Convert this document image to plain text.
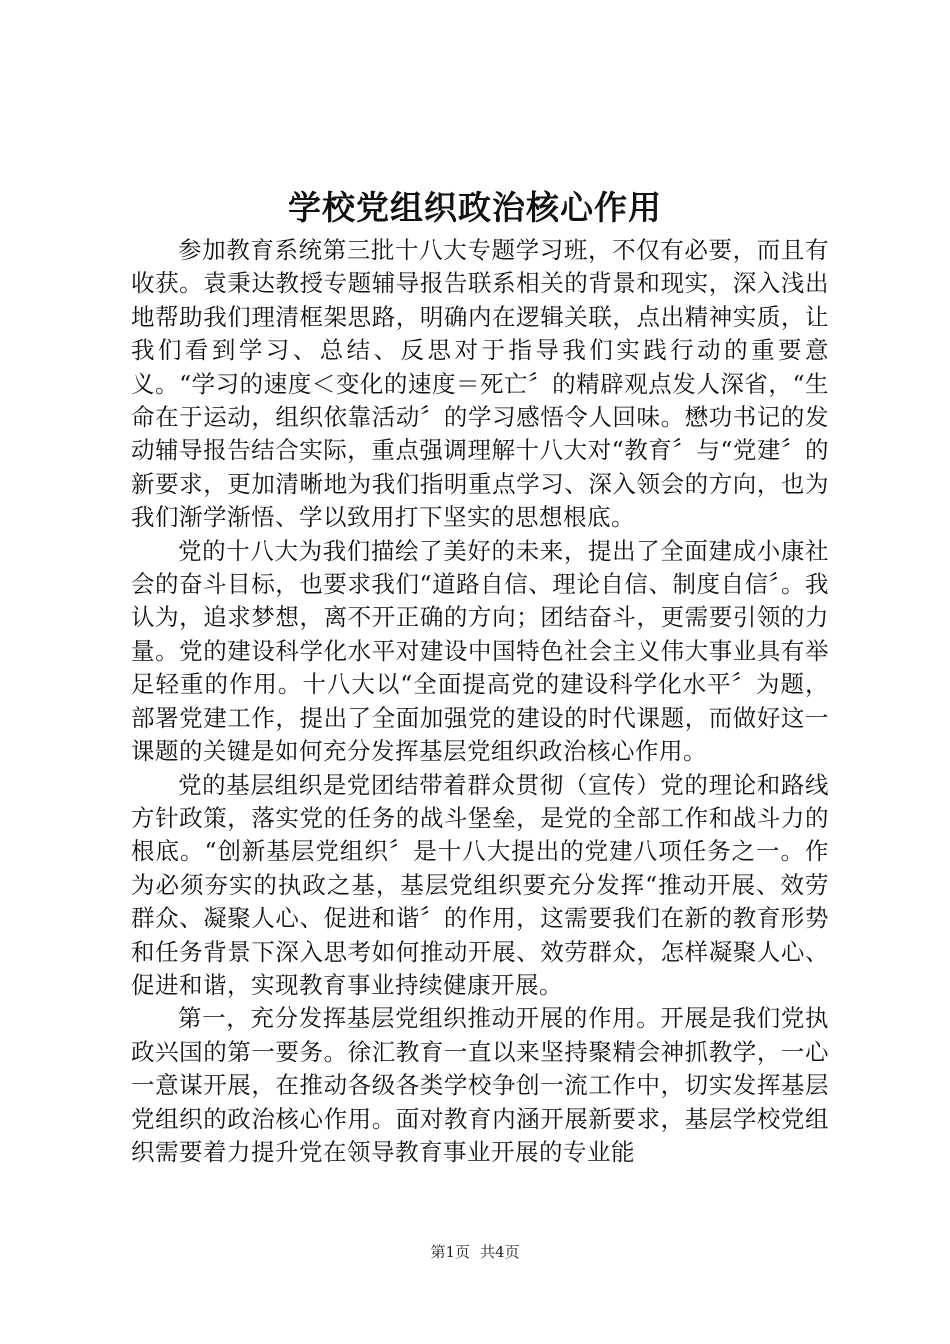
学校党组织政治核心作用

参加教育系统第三批十八大专题学习班，不仅有必要，而且有收获。袁秉达教授专题辅导报告联系相关的背景和现实，深入浅出地帮助我们理清框架思路，明确内在逻辑关联，点出精神实质，让我们看到学习、总结、反思对于指导我们实践行动的重要意义。“学习的速度＜变化的速度＝死亡〞的精辟观点发人深省，“生命在于运动，组织依靠活动〞的学习感悟令人回味。懋功书记的发动辅导报告结合实际，重点强调理解十八大对“教育〞与“党建〞的新要求，更加清晰地为我们指明重点学习、深入领会的方向，也为我们渐学渐悟、学以致用打下坚实的思想根底。

党的十八大为我们描绘了美好的未来，提出了全面建成小康社会的奋斗目标，也要求我们“道路自信、理论自信、制度自信〞。我认为，追求梦想，离不开正确的方向；团结奋斗，更需要引领的力量。党的建设科学化水平对建设中国特色社会主义伟大事业具有举足轻重的作用。十八大以“全面提高党的建设科学化水平〞为题，部署党建工作，提出了全面加强党的建设的时代课题，而做好这一课题的关键是如何充分发挥基层党组织政治核心作用。

党的基层组织是党团结带着群众贯彻（宣传）党的理论和路线方针政策，落实党的任务的战斗堡垒，是党的全部工作和战斗力的根底。“创新基层党组织〞是十八大提出的党建八项任务之一。作为必须夯实的执政之基，基层党组织要充分发挥“推动开展、效劳群众、凝聚人心、促进和谐〞的作用，这需要我们在新的教育形势和任务背景下深入思考如何推动开展、效劳群众，怎样凝聚人心、促进和谐，实现教育事业持续健康开展。

第一，充分发挥基层党组织推动开展的作用。开展是我们党执政兴国的第一要务。徐汇教育一直以来坚持聚精会神抓教学，一心一意谋开展，在推动各级各类学校争创一流工作中，切实发挥基层党组织的政治核心作用。面对教育内涵开展新要求，基层学校党组织需要着力提升党在领导教育事业开展的专业能

第1页 共4页
